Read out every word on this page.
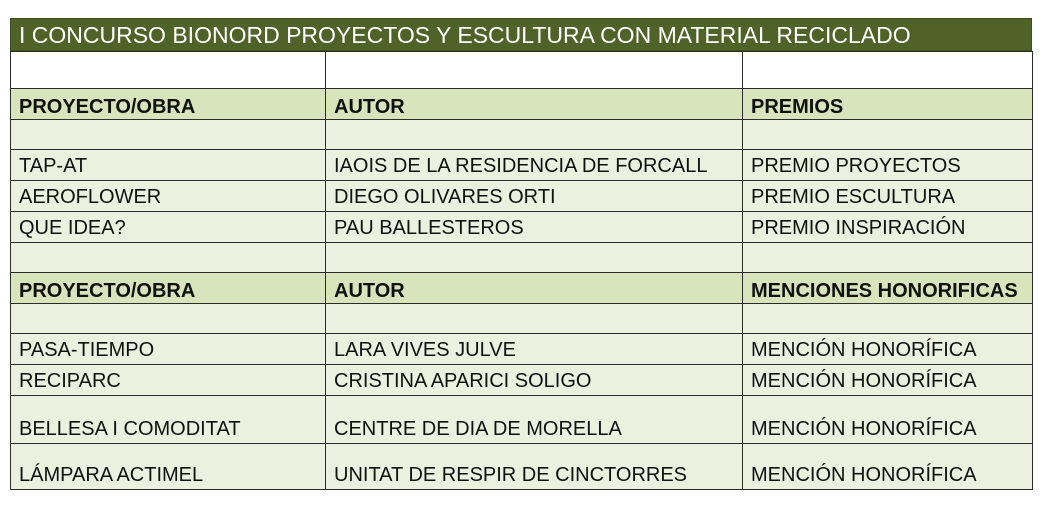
I CONCURSO BIONORD PROYECTOS Y ESCULTURA CON MATERIAL RECICLADO

PROYECTO/OBRA	AUTOR	PREMIOS

TAP-AT	IAOIS DE LA RESIDENCIA DE FORCALL	PREMIO PROYECTOS
AEROFLOWER	DIEGO OLIVARES ORTI	PREMIO ESCULTURA
QUE IDEA?	PAU BALLESTEROS	PREMIO INSPIRACIÓN

PROYECTO/OBRA	AUTOR	MENCIONES HONORIFICAS

PASA-TIEMPO	LARA VIVES JULVE	MENCIÓN HONORÍFICA
RECIPARC	CRISTINA APARICI SOLIGO	MENCIÓN HONORÍFICA
BELLESA I COMODITAT	CENTRE DE DIA DE MORELLA	MENCIÓN HONORÍFICA
LÁMPARA ACTIMEL	UNITAT DE RESPIR DE CINCTORRES	MENCIÓN HONORÍFICA
